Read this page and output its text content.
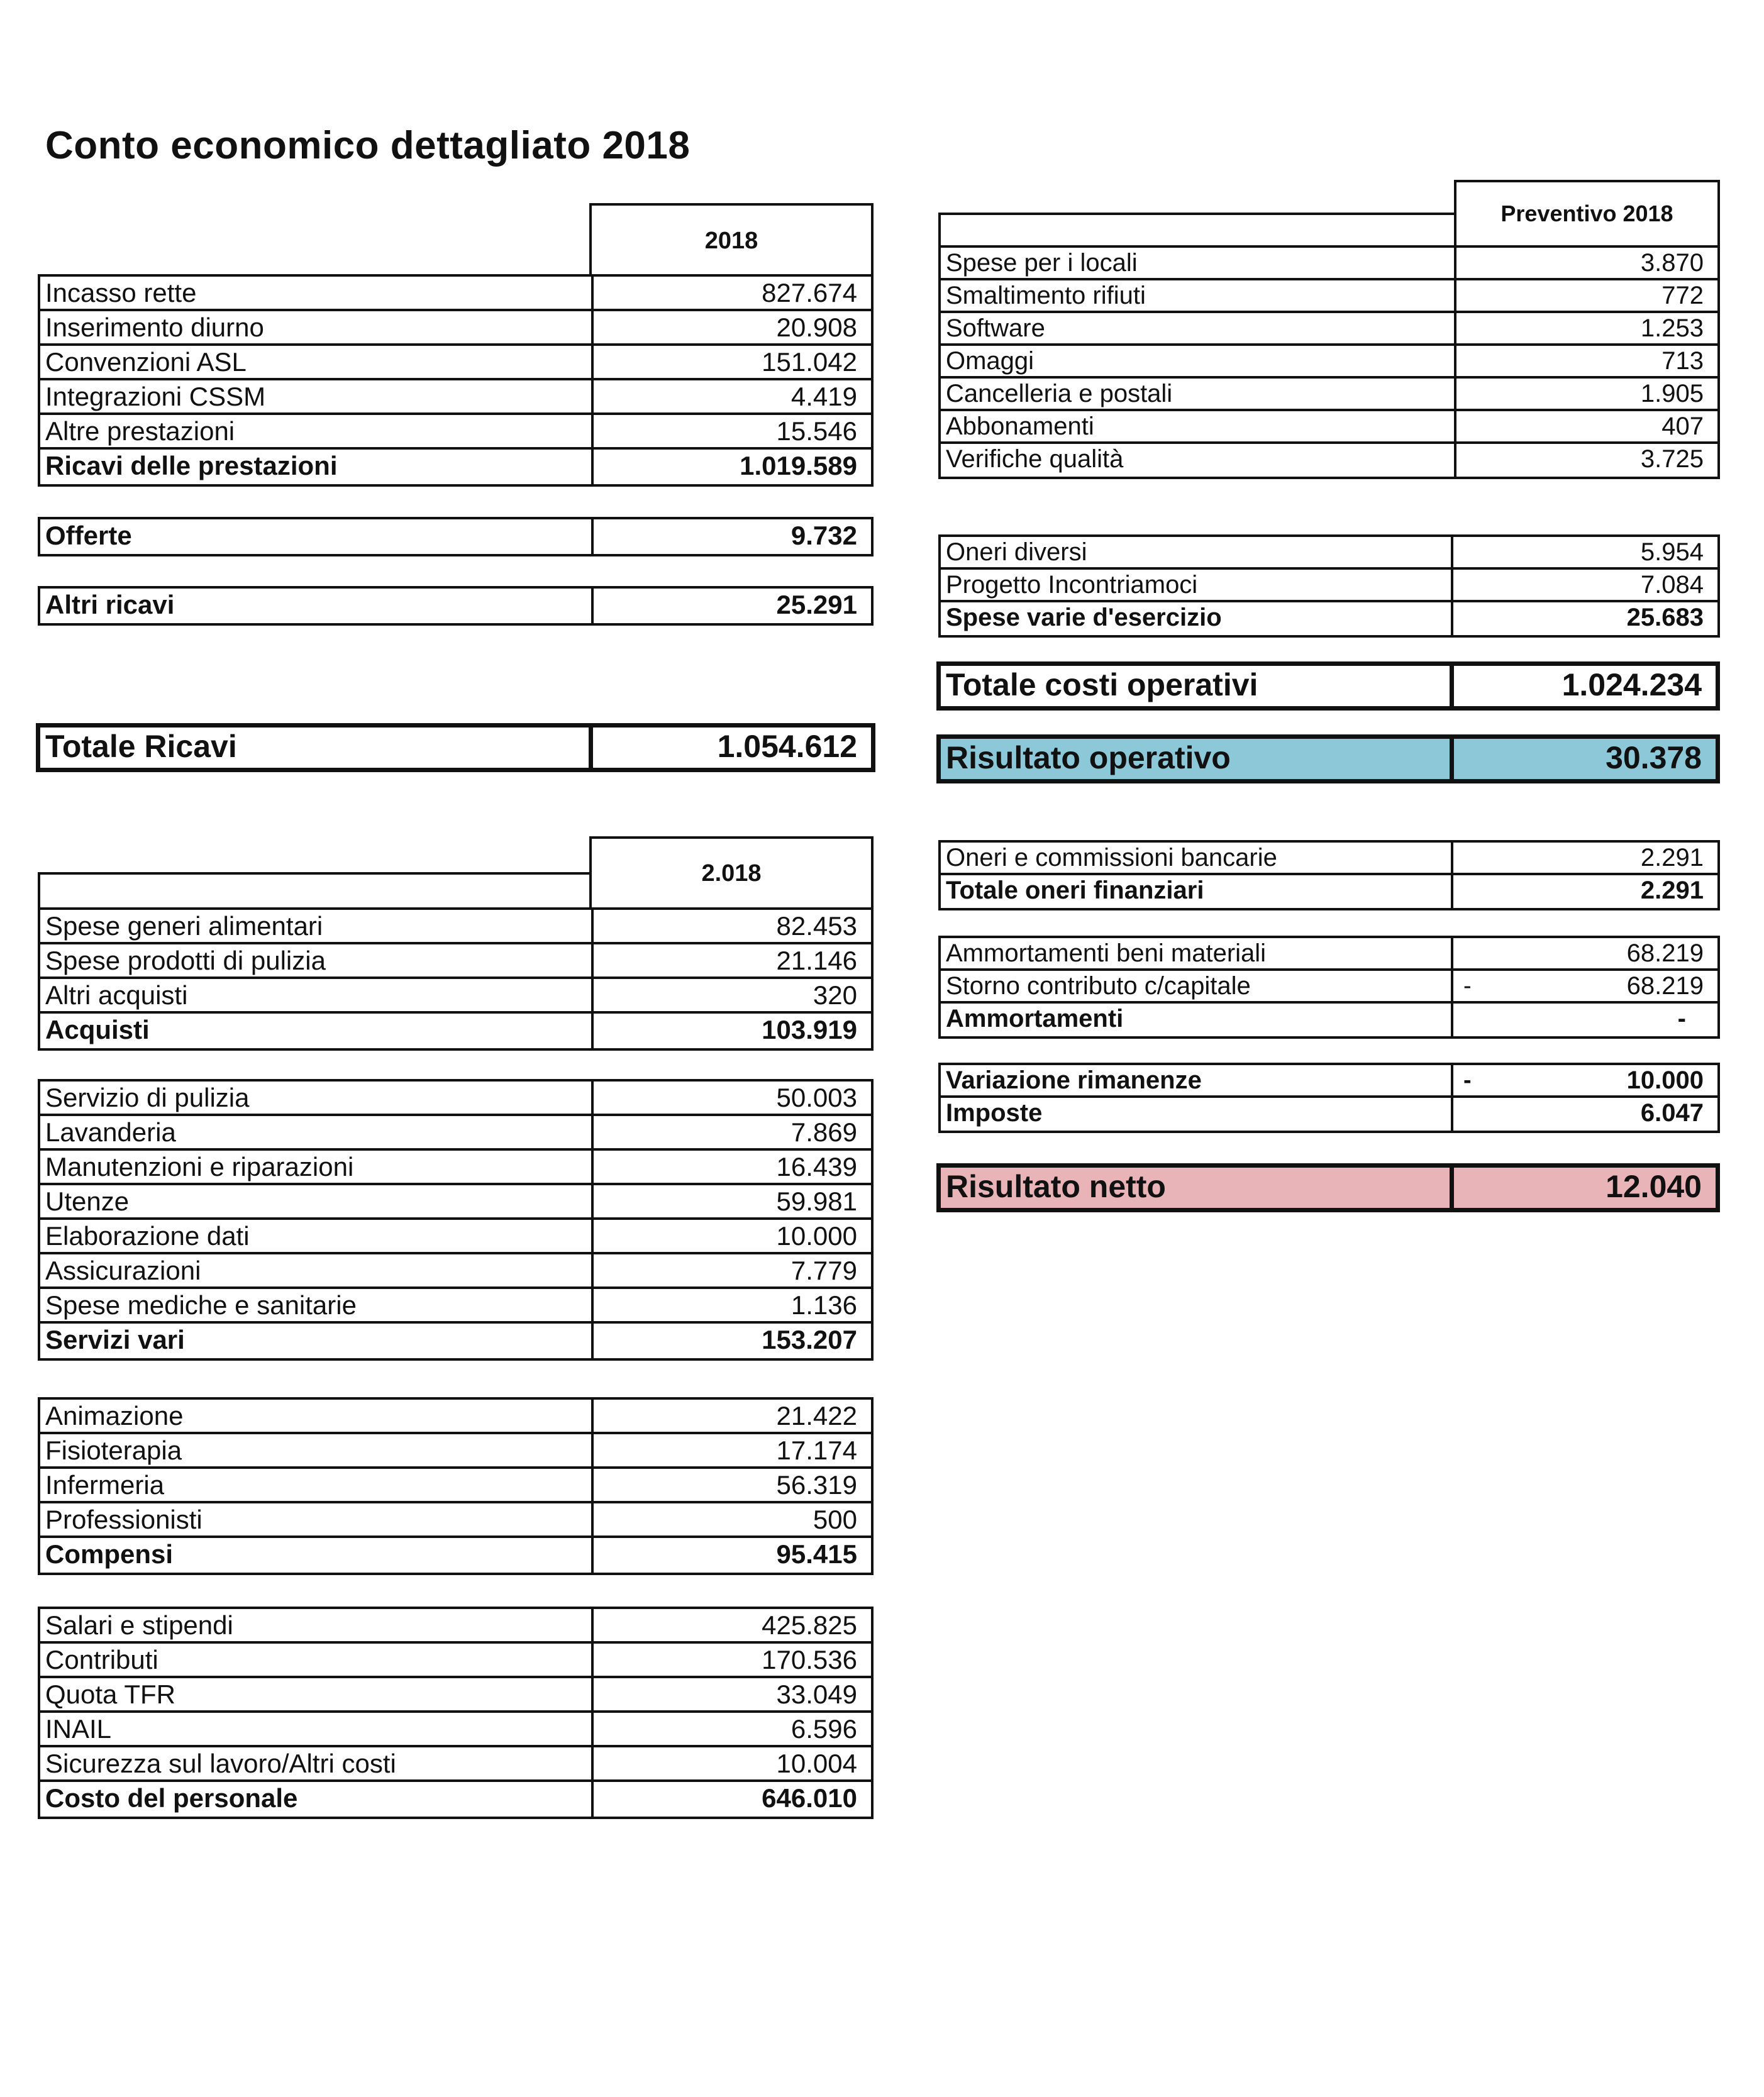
Conto economico dettagliato 2018
2018
Incasso rette	827.674
Inserimento diurno	20.908
Convenzioni ASL	151.042
Integrazioni CSSM	4.419
Altre prestazioni	15.546
Ricavi delle prestazioni	1.019.589
Offerte	9.732
Altri ricavi	25.291
Totale Ricavi	1.054.612
2.018
Spese generi alimentari	82.453
Spese prodotti di pulizia	21.146
Altri acquisti	320
Acquisti	103.919
Servizio di pulizia	50.003
Lavanderia	7.869
Manutenzioni e riparazioni	16.439
Utenze	59.981
Elaborazione dati	10.000
Assicurazioni	7.779
Spese mediche e sanitarie	1.136
Servizi vari	153.207
Animazione	21.422
Fisioterapia	17.174
Infermeria	56.319
Professionisti	500
Compensi	95.415
Salari e stipendi	425.825
Contributi	170.536
Quota TFR	33.049
INAIL	6.596
Sicurezza sul lavoro/Altri costi	10.004
Costo del personale	646.010
Preventivo 2018
Spese per i locali	3.870
Smaltimento rifiuti	772
Software	1.253
Omaggi	713
Cancelleria e postali	1.905
Abbonamenti	407
Verifiche qualità	3.725
Oneri diversi	5.954
Progetto Incontriamoci	7.084
Spese varie d'esercizio	25.683
Totale costi operativi	1.024.234
Risultato operativo	30.378
Oneri e commissioni bancarie	2.291
Totale oneri finanziari	2.291
Ammortamenti beni materiali	68.219
Storno contributo c/capitale	-	68.219
Ammortamenti	-
Variazione rimanenze	-	10.000
Imposte	6.047
Risultato netto	12.040
